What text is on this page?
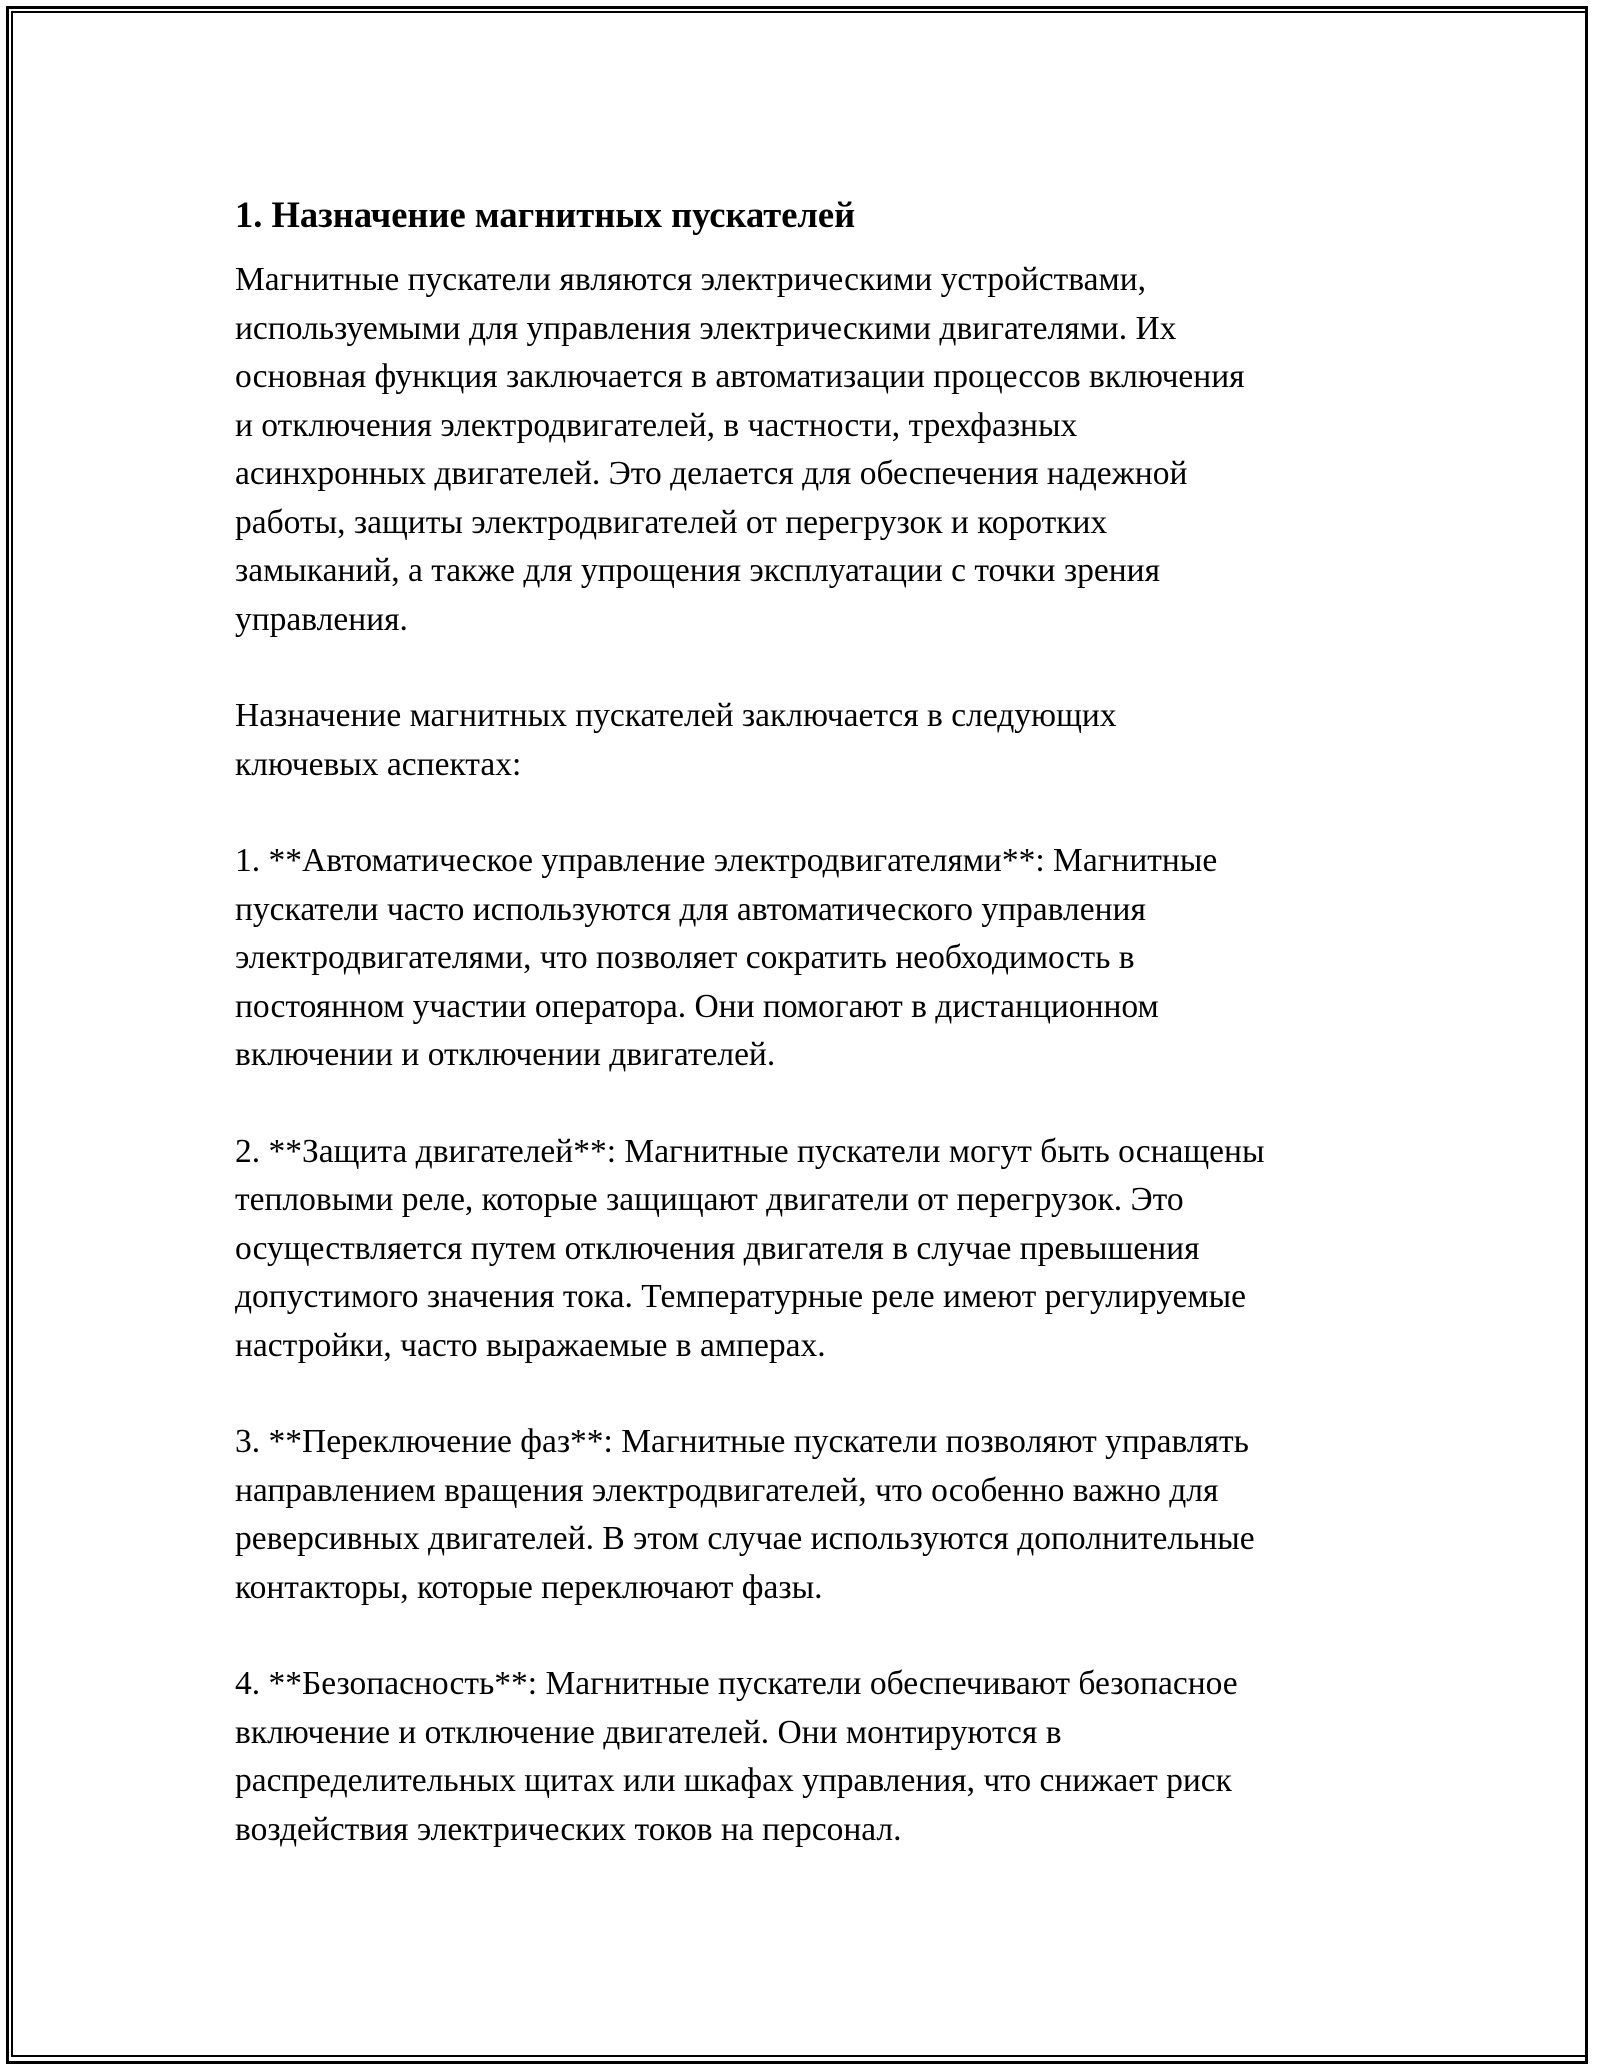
1. Назначение магнитных пускателей

Магнитные пускатели являются электрическими устройствами,
используемыми для управления электрическими двигателями. Их
основная функция заключается в автоматизации процессов включения
и отключения электродвигателей, в частности, трехфазных
асинхронных двигателей. Это делается для обеспечения надежной
работы, защиты электродвигателей от перегрузок и коротких
замыканий, а также для упрощения эксплуатации с точки зрения
управления.

Назначение магнитных пускателей заключается в следующих
ключевых аспектах:

1. **Автоматическое управление электродвигателями**: Магнитные
пускатели часто используются для автоматического управления
электродвигателями, что позволяет сократить необходимость в
постоянном участии оператора. Они помогают в дистанционном
включении и отключении двигателей.

2. **Защита двигателей**: Магнитные пускатели могут быть оснащены
тепловыми реле, которые защищают двигатели от перегрузок. Это
осуществляется путем отключения двигателя в случае превышения
допустимого значения тока. Температурные реле имеют регулируемые
настройки, часто выражаемые в амперах.

3. **Переключение фаз**: Магнитные пускатели позволяют управлять
направлением вращения электродвигателей, что особенно важно для
реверсивных двигателей. В этом случае используются дополнительные
контакторы, которые переключают фазы.

4. **Безопасность**: Магнитные пускатели обеспечивают безопасное
включение и отключение двигателей. Они монтируются в
распределительных щитах или шкафах управления, что снижает риск
воздействия электрических токов на персонал.
